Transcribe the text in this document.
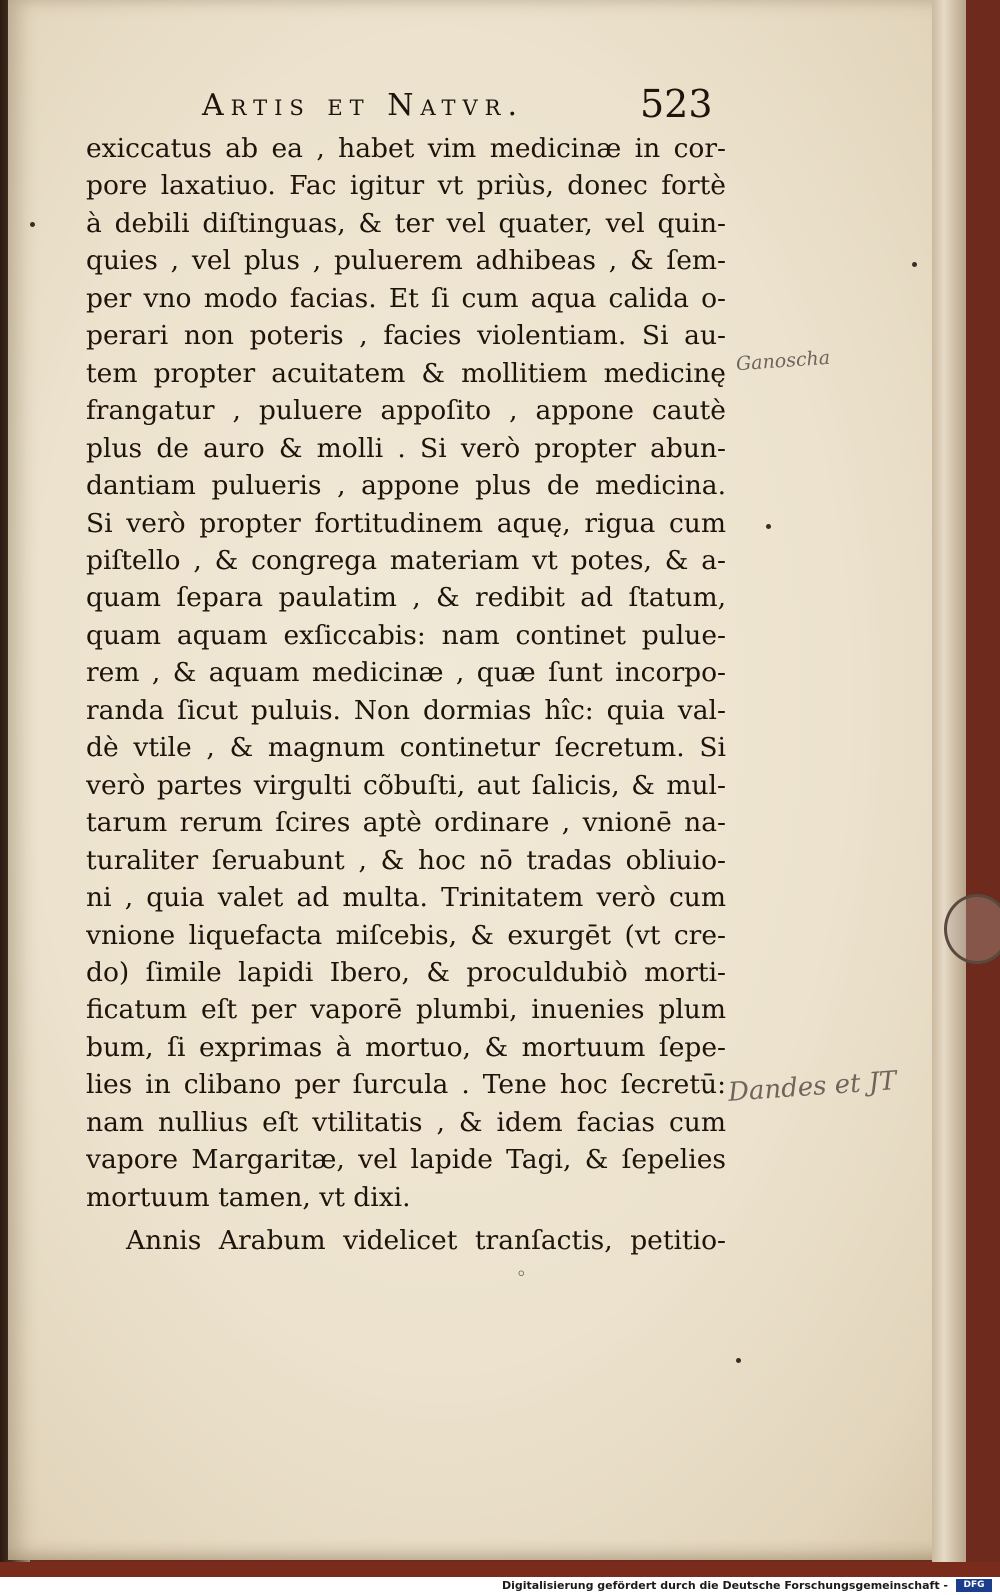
Artis et Natvr.	523
exiccatus ab ea , habet vim medicinæ in cor-
pore laxatiuo. Fac igitur vt priùs, donec fortè
à debili diſtinguas, & ter vel quater, vel quin-
quies , vel plus , puluerem adhibeas , & ſem-
per vno modo facias. Et ſi cum aqua calida o-
perari non poteris , facies violentiam. Si au-
tem propter acuitatem & mollitiem medicinę
frangatur , puluere appoſito , appone cautè
plus de auro & molli . Si verò propter abun-
dantiam pulueris , appone plus de medicina.
Si verò propter fortitudinem aquę, rigua cum
piſtello , & congrega materiam vt potes, & a-
quam ſepara paulatim , & redibit ad ſtatum,
quam aquam exſiccabis: nam continet pulue-
rem , & aquam medicinæ , quæ ſunt incorpo-
randa ſicut puluis. Non dormias hîc: quia val-
dè vtile , & magnum continetur ſecretum. Si
verò partes virgulti cõbuſti, aut ſalicis, & mul-
tarum rerum ſcires aptè ordinare , vnionē na-
turaliter ſeruabunt , & hoc nō tradas obliuio-
ni , quia valet ad multa. Trinitatem verò cum
vnione liquefacta miſcebis, & exurgēt (vt cre-
do) ſimile lapidi Ibero, & proculdubiò morti-
ficatum eſt per vaporē plumbi, inuenies plum
bum, ſi exprimas à mortuo, & mortuum ſepe-
lies in clibano per ſurcula . Tene hoc ſecretū:
nam nullius eſt vtilitatis , & idem facias cum
vapore Margaritæ, vel lapide Tagi, & ſepelies
mortuum tamen, vt dixi.
Annis Arabum videlicet tranſactis, petitio-
◦
Ganoscha
Dandes et JT
Digitalisierung gefördert durch die Deutsche Forschungsgemeinschaft -	DFG
